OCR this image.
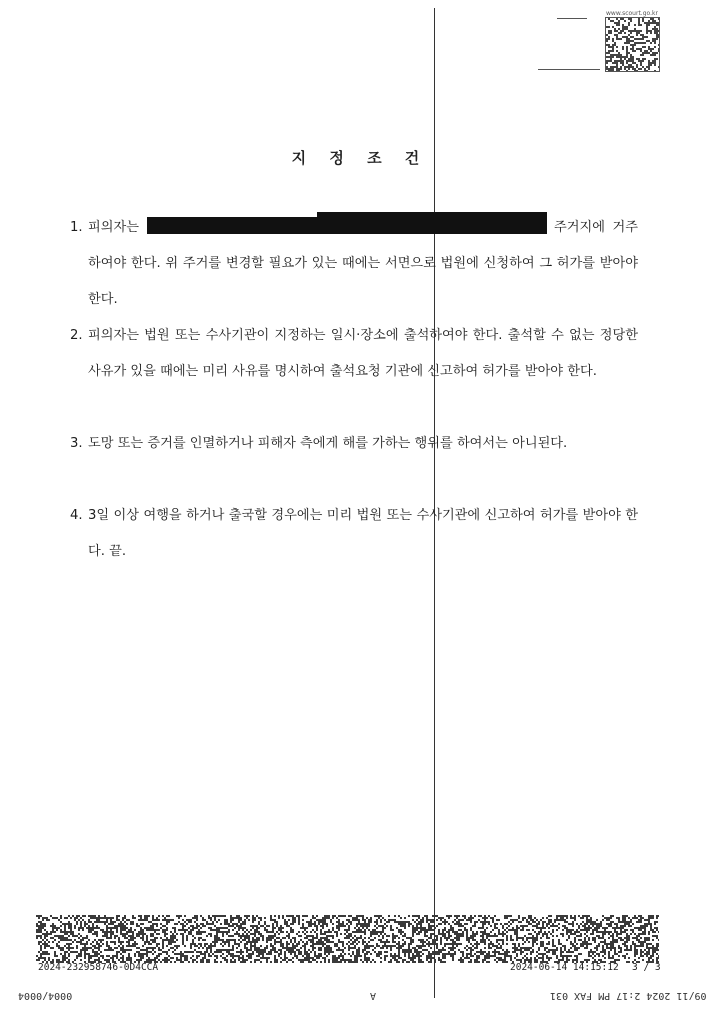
www.scourt.go.kr
지 정 조 건
1. 피의자는	주거지에 거주하여야 한다. 위 주거를 변경할 필요가 있는 때에는 서면으로 법원에 신청하여 그 허가를 받아야 한다.
2. 피의자는 법원 또는 수사기관이 지정하는 일시·장소에 출석하여야 한다. 출석할 수 없는 정당한 사유가 있을 때에는 미리 사유를 명시하여 출석요청 기관에 신고하여 허가를 받아야 한다.
3. 도망 또는 증거를 인멸하거나 피해자 측에게 해를 가하는 행위를 하여서는 아니된다.
4. 3일 이상 여행을 하거나 출국할 경우에는 미리 법원 또는 수사기관에 신고하여 허가를 받아야 한다. 끝.
2024-232958746-0D4CCA	2024-06-14 14:15:12 3 / 3
09/11 2024 2:17 PM FAX 031
A
0004/0004
